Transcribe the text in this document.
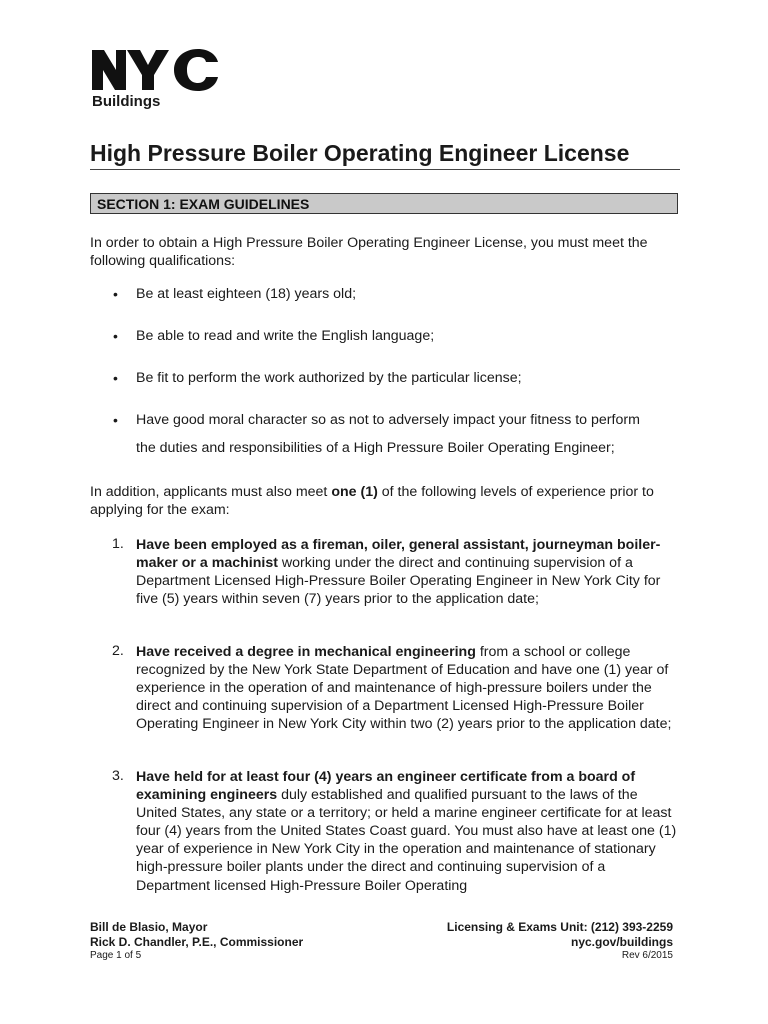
Buildings
High Pressure Boiler Operating Engineer License
SECTION 1: EXAM GUIDELINES
In order to obtain a High Pressure Boiler Operating Engineer License, you must meet the following qualifications:
• Be at least eighteen (18) years old;
• Be able to read and write the English language;
• Be fit to perform the work authorized by the particular license;
• Have good moral character so as not to adversely impact your fitness to perform
the duties and responsibilities of a High Pressure Boiler Operating Engineer;
In addition, applicants must also meet one (1) of the following levels of experience prior to applying for the exam:
1. Have been employed as a fireman, oiler, general assistant, journeyman boiler-maker or a machinist working under the direct and continuing supervision of a Department Licensed High-Pressure Boiler Operating Engineer in New York City for five (5) years within seven (7) years prior to the application date;
2. Have received a degree in mechanical engineering from a school or college recognized by the New York State Department of Education and have one (1) year of experience in the operation of and maintenance of high-pressure boilers under the direct and continuing supervision of a Department Licensed High-Pressure Boiler Operating Engineer in New York City within two (2) years prior to the application date;
3. Have held for at least four (4) years an engineer certificate from a board of examining engineers duly established and qualified pursuant to the laws of the United States, any state or a territory; or held a marine engineer certificate for at least four (4) years from the United States Coast guard. You must also have at least one (1) year of experience in New York City in the operation and maintenance of stationary high-pressure boiler plants under the direct and continuing supervision of a Department licensed High-Pressure Boiler Operating
Bill de Blasio, Mayor
Rick D. Chandler, P.E., Commissioner
Page 1 of 5
Licensing & Exams Unit: (212) 393-2259
nyc.gov/buildings
Rev 6/2015
